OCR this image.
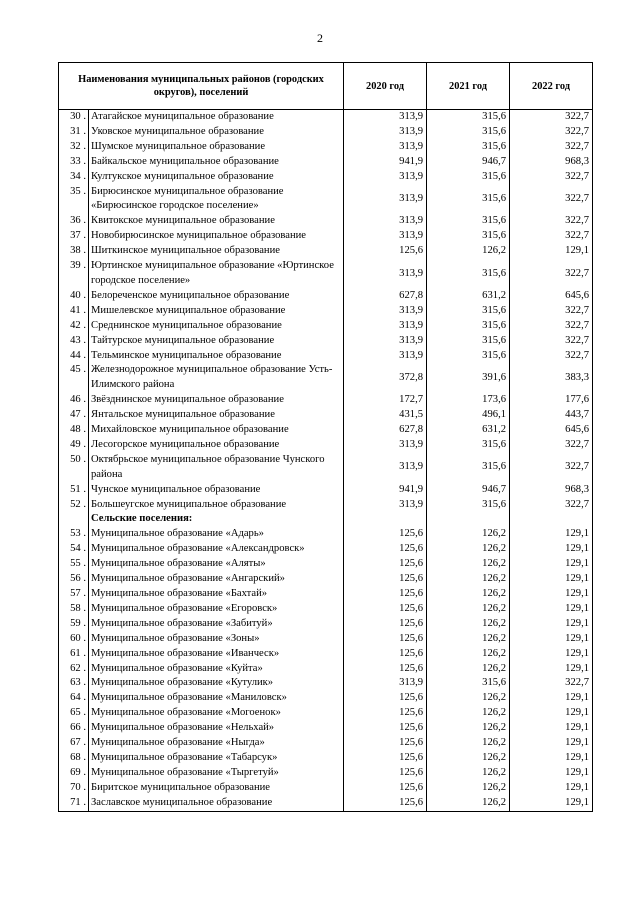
2
Наименования муниципальных районов (городских округов), поселений		2020 год	2021 год	2022 год
30 .	Атагайское муниципальное образование	313,9	315,6	322,7
31 .	Уковское муниципальное образование	313,9	315,6	322,7
32 .	Шумское муниципальное образование	313,9	315,6	322,7
33 .	Байкальское муниципальное образование	941,9	946,7	968,3
34 .	Култукское муниципальное образование	313,9	315,6	322,7
35 .	Бирюсинское муниципальное образование «Бирюсинское городское поселение»	313,9	315,6	322,7
36 .	Квитокское муниципальное образование	313,9	315,6	322,7
37 .	Новобирюсинское муниципальное образование	313,9	315,6	322,7
38 .	Шиткинское муниципальное образование	125,6	126,2	129,1
39 .	Юртинское муниципальное образование «Юртинское городское поселение»	313,9	315,6	322,7
40 .	Белореченское муниципальное образование	627,8	631,2	645,6
41 .	Мишелевское муниципальное образование	313,9	315,6	322,7
42 .	Среднинское муниципальное образование	313,9	315,6	322,7
43 .	Тайтурское муниципальное образование	313,9	315,6	322,7
44 .	Тельминское муниципальное образование	313,9	315,6	322,7
45 .	Железнодорожное муниципальное образование Усть-Илимского района	372,8	391,6	383,3
46 .	Звёзднинское муниципальное образование	172,7	173,6	177,6
47 .	Янтальское муниципальное образование	431,5	496,1	443,7
48 .	Михайловское муниципальное образование	627,8	631,2	645,6
49 .	Лесогорское муниципальное образование	313,9	315,6	322,7
50 .	Октябрьское муниципальное образование Чунского района	313,9	315,6	322,7
51 .	Чунское муниципальное образование	941,9	946,7	968,3
52 .	Большеугское муниципальное образование	313,9	315,6	322,7
	Сельские поселения:			
53 .	Муниципальное образование «Адарь»	125,6	126,2	129,1
54 .	Муниципальное образование «Александровск»	125,6	126,2	129,1
55 .	Муниципальное образование «Аляты»	125,6	126,2	129,1
56 .	Муниципальное образование «Ангарский»	125,6	126,2	129,1
57 .	Муниципальное образование «Бахтай»	125,6	126,2	129,1
58 .	Муниципальное образование «Егоровск»	125,6	126,2	129,1
59 .	Муниципальное образование «Забитуй»	125,6	126,2	129,1
60 .	Муниципальное образование «Зоны»	125,6	126,2	129,1
61 .	Муниципальное образование «Иванческ»	125,6	126,2	129,1
62 .	Муниципальное образование «Куйта»	125,6	126,2	129,1
63 .	Муниципальное образование «Кутулик»	313,9	315,6	322,7
64 .	Муниципальное образование «Маниловск»	125,6	126,2	129,1
65 .	Муниципальное образование «Могоенок»	125,6	126,2	129,1
66 .	Муниципальное образование «Нельхай»	125,6	126,2	129,1
67 .	Муниципальное образование «Ныгда»	125,6	126,2	129,1
68 .	Муниципальное образование «Табарсук»	125,6	126,2	129,1
69 .	Муниципальное образование «Тыргетуй»	125,6	126,2	129,1
70 .	Биритское муниципальное образование	125,6	126,2	129,1
71 .	Заславское муниципальное образование	125,6	126,2	129,1
